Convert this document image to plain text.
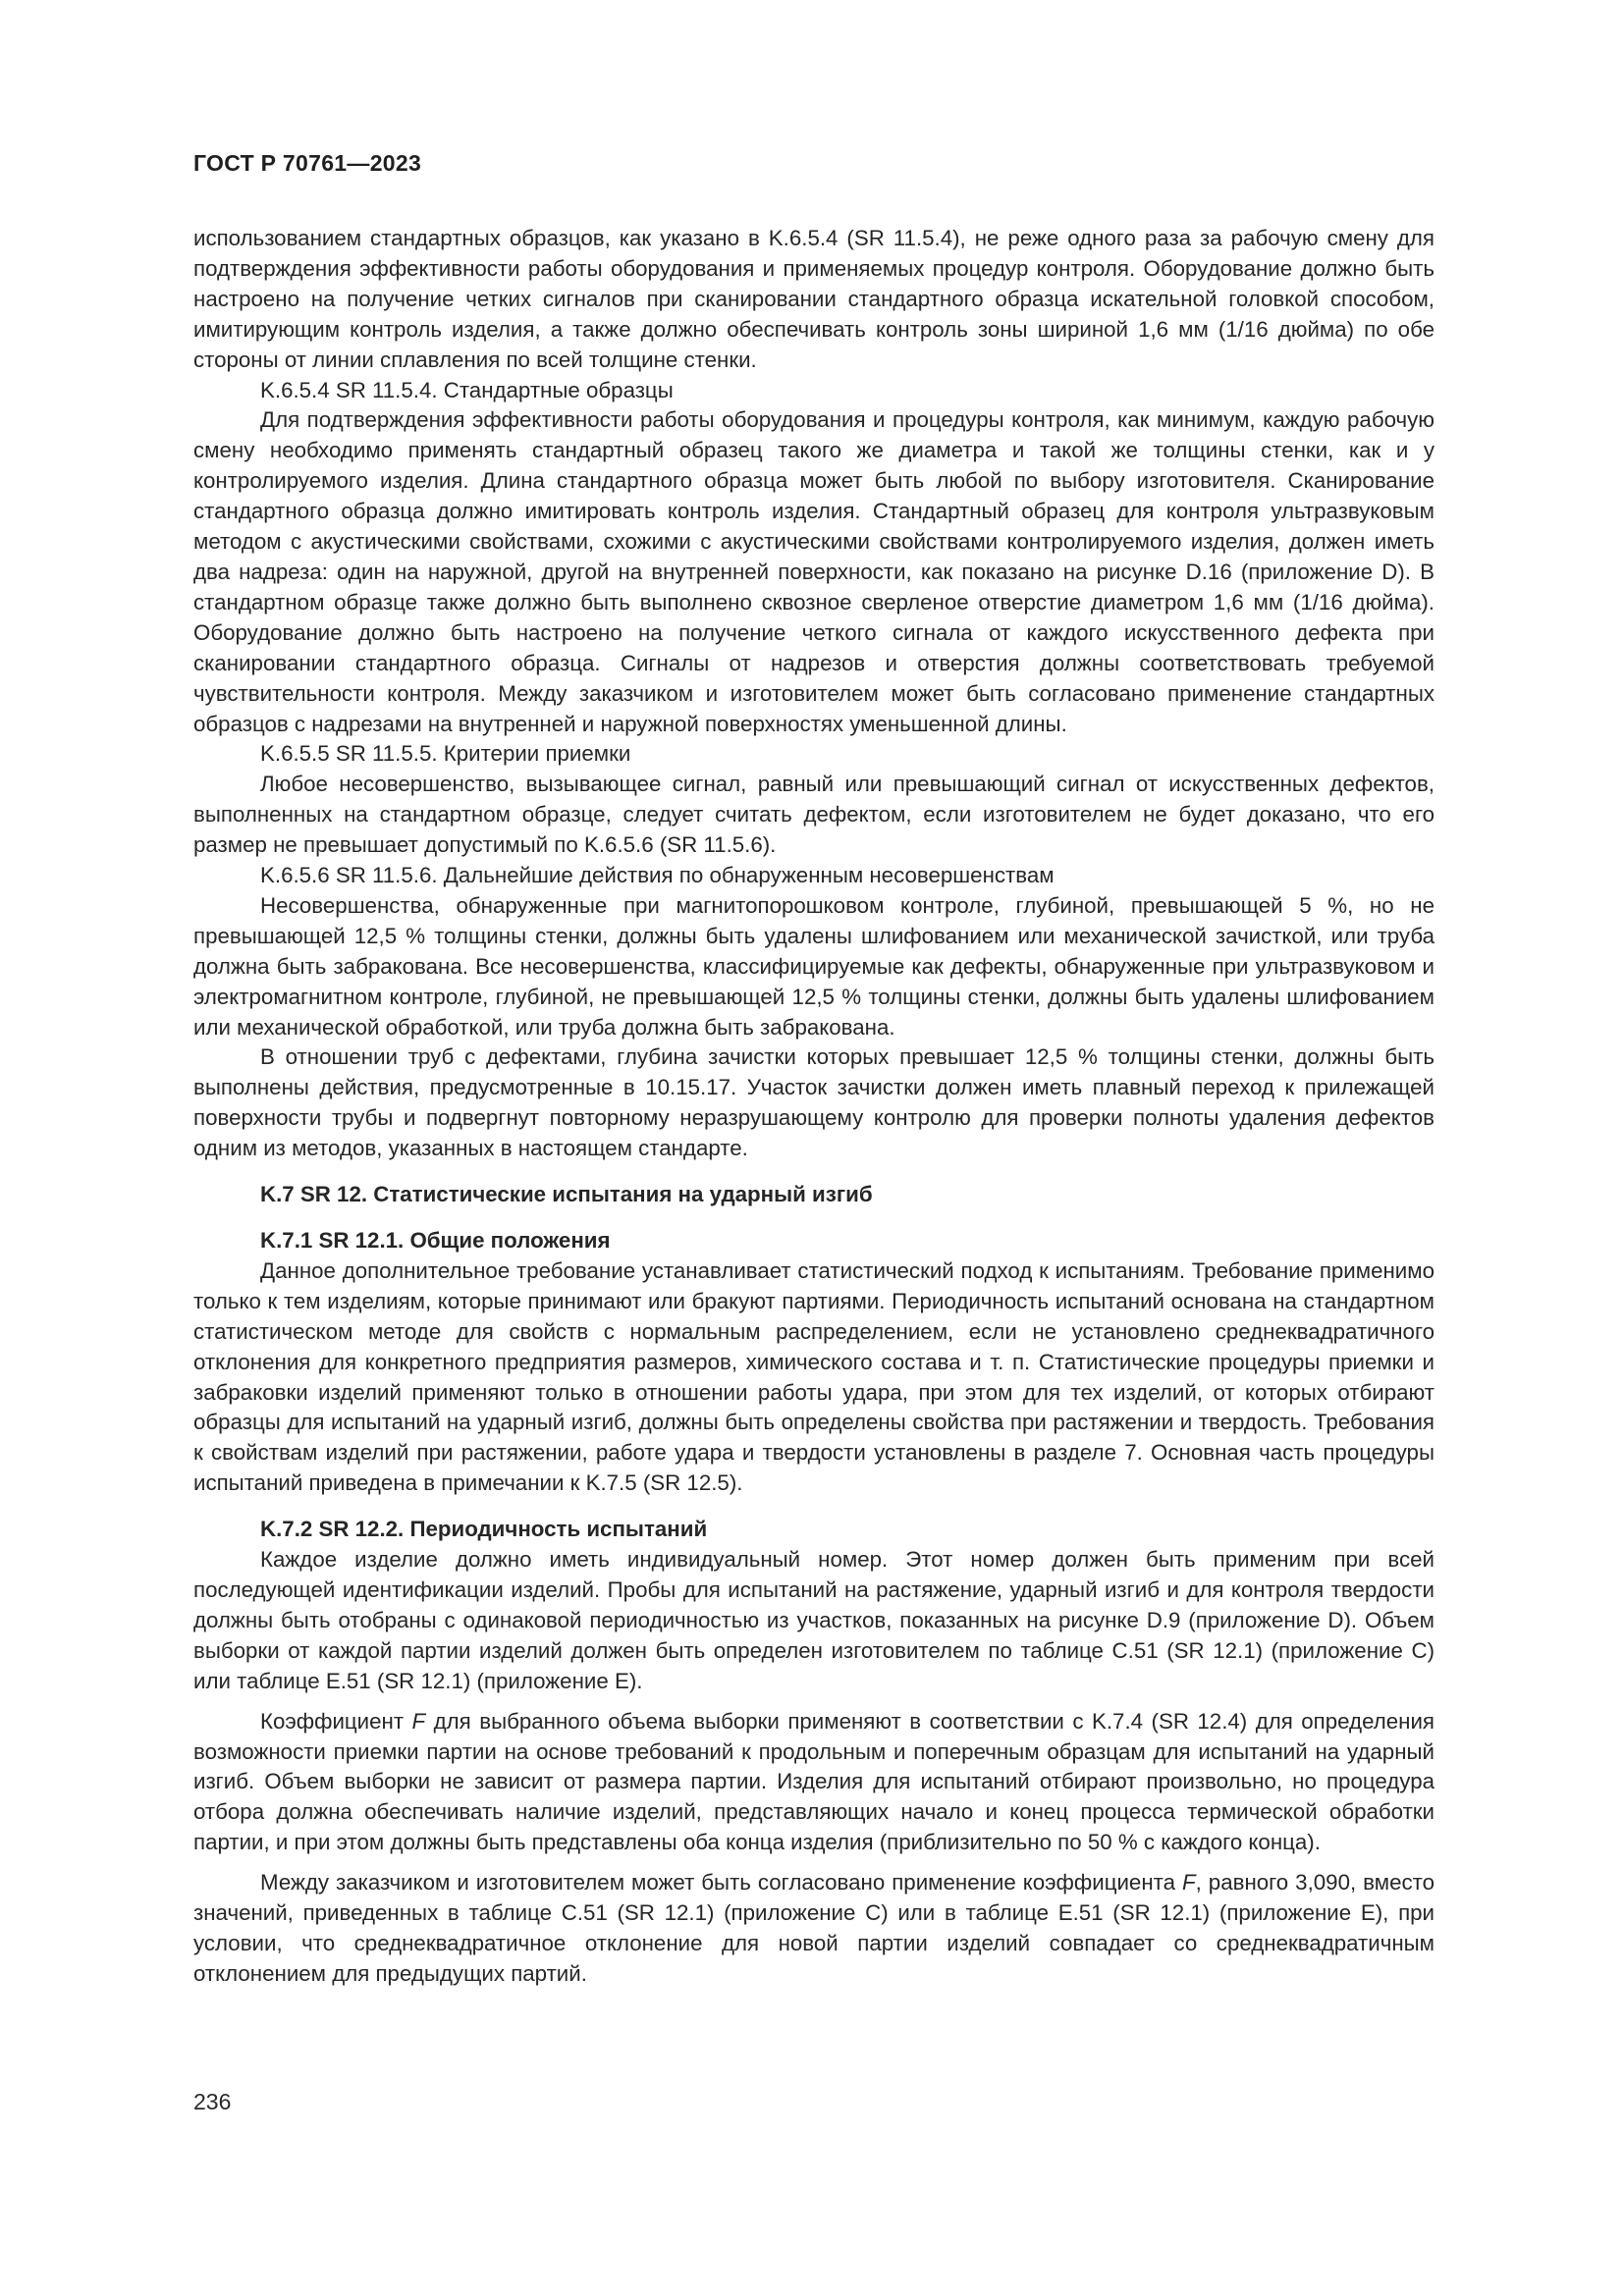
ГОСТ Р 70761—2023

использованием стандартных образцов, как указано в K.6.5.4 (SR 11.5.4), не реже одного раза за рабочую смену для подтверждения эффективности работы оборудования и применяемых процедур контроля. Оборудование должно быть настроено на получение четких сигналов при сканировании стандартного образца искательной головкой способом, имитирующим контроль изделия, а также должно обеспечивать контроль зоны шириной 1,6 мм (1/16 дюйма) по обе стороны от линии сплавления по всей толщине стенки.

K.6.5.4 SR 11.5.4. Стандартные образцы

Для подтверждения эффективности работы оборудования и процедуры контроля, как минимум, каждую рабочую смену необходимо применять стандартный образец такого же диаметра и такой же толщины стенки, как и у контролируемого изделия. Длина стандартного образца может быть любой по выбору изготовителя. Сканирование стандартного образца должно имитировать контроль изделия. Стандартный образец для контроля ультразвуковым методом с акустическими свойствами, схожими с акустическими свойствами контролируемого изделия, должен иметь два надреза: один на наружной, другой на внутренней поверхности, как показано на рисунке D.16 (приложение D). В стандартном образце также должно быть выполнено сквозное сверленое отверстие диаметром 1,6 мм (1/16 дюйма). Оборудование должно быть настроено на получение четкого сигнала от каждого искусственного дефекта при сканировании стандартного образца. Сигналы от надрезов и отверстия должны соответствовать требуемой чувствительности контроля. Между заказчиком и изготовителем может быть согласовано применение стандартных образцов с надрезами на внутренней и наружной поверхностях уменьшенной длины.

K.6.5.5 SR 11.5.5. Критерии приемки

Любое несовершенство, вызывающее сигнал, равный или превышающий сигнал от искусственных дефектов, выполненных на стандартном образце, следует считать дефектом, если изготовителем не будет доказано, что его размер не превышает допустимый по K.6.5.6 (SR 11.5.6).

K.6.5.6 SR 11.5.6. Дальнейшие действия по обнаруженным несовершенствам

Несовершенства, обнаруженные при магнитопорошковом контроле, глубиной, превышающей 5 %, но не превышающей 12,5 % толщины стенки, должны быть удалены шлифованием или механической зачисткой, или труба должна быть забракована. Все несовершенства, классифицируемые как дефекты, обнаруженные при ультразвуковом и электромагнитном контроле, глубиной, не превышающей 12,5 % толщины стенки, должны быть удалены шлифованием или механической обработкой, или труба должна быть забракована.

В отношении труб с дефектами, глубина зачистки которых превышает 12,5 % толщины стенки, должны быть выполнены действия, предусмотренные в 10.15.17. Участок зачистки должен иметь плавный переход к прилежащей поверхности трубы и подвергнут повторному неразрушающему контролю для проверки полноты удаления дефектов одним из методов, указанных в настоящем стандарте.

K.7 SR 12. Статистические испытания на ударный изгиб

K.7.1 SR 12.1. Общие положения

Данное дополнительное требование устанавливает статистический подход к испытаниям. Требование применимо только к тем изделиям, которые принимают или бракуют партиями. Периодичность испытаний основана на стандартном статистическом методе для свойств с нормальным распределением, если не установлено среднеквадратичного отклонения для конкретного предприятия размеров, химического состава и т. п. Статистические процедуры приемки и забраковки изделий применяют только в отношении работы удара, при этом для тех изделий, от которых отбирают образцы для испытаний на ударный изгиб, должны быть определены свойства при растяжении и твердость. Требования к свойствам изделий при растяжении, работе удара и твердости установлены в разделе 7. Основная часть процедуры испытаний приведена в примечании к K.7.5 (SR 12.5).

K.7.2 SR 12.2. Периодичность испытаний

Каждое изделие должно иметь индивидуальный номер. Этот номер должен быть применим при всей последующей идентификации изделий. Пробы для испытаний на растяжение, ударный изгиб и для контроля твердости должны быть отобраны с одинаковой периодичностью из участков, показанных на рисунке D.9 (приложение D). Объем выборки от каждой партии изделий должен быть определен изготовителем по таблице C.51 (SR 12.1) (приложение C) или таблице E.51 (SR 12.1) (приложение E).

Коэффициент F для выбранного объема выборки применяют в соответствии с K.7.4 (SR 12.4) для определения возможности приемки партии на основе требований к продольным и поперечным образцам для испытаний на ударный изгиб. Объем выборки не зависит от размера партии. Изделия для испытаний отбирают произвольно, но процедура отбора должна обеспечивать наличие изделий, представляющих начало и конец процесса термической обработки партии, и при этом должны быть представлены оба конца изделия (приблизительно по 50 % с каждого конца).

Между заказчиком и изготовителем может быть согласовано применение коэффициента F, равного 3,090, вместо значений, приведенных в таблице C.51 (SR 12.1) (приложение C) или в таблице E.51 (SR 12.1) (приложение E), при условии, что среднеквадратичное отклонение для новой партии изделий совпадает со среднеквадратичным отклонением для предыдущих партий.

236
